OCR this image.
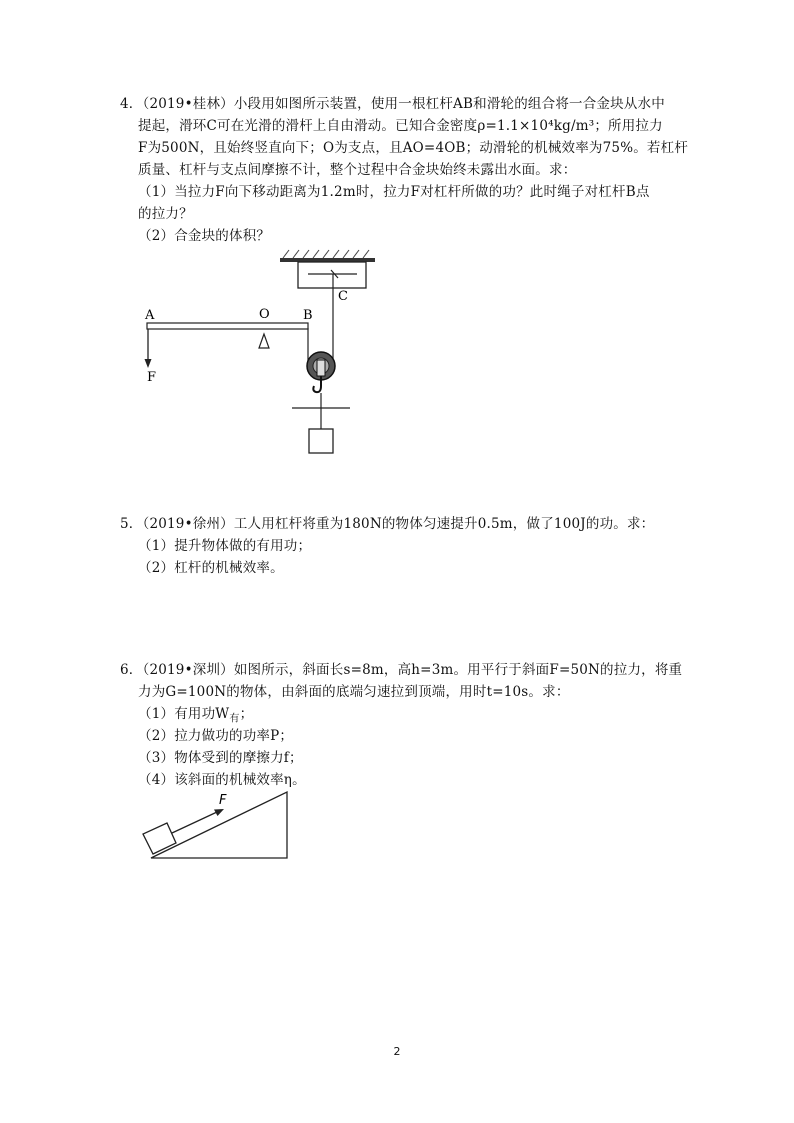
4．（2019•桂林）小段用如图所示装置，使用一根杠杆AB和滑轮的组合将一合金块从水中
提起，滑环C可在光滑的滑杆上自由滑动。已知合金密度ρ=1.1×10⁴kg/m³；所用拉力
F为500N，且始终竖直向下；O为支点，且AO=4OB；动滑轮的机械效率为75%。若杠杆
质量、杠杆与支点间摩擦不计，整个过程中合金块始终未露出水面。求：
（1）当拉力F向下移动距离为1.2m时，拉力F对杠杆所做的功？此时绳子对杠杆B点
的拉力？
（2）合金块的体积？
C
A	O	B
F
5．（2019•徐州）工人用杠杆将重为180N的物体匀速提升0.5m，做了100J的功。求：
（1）提升物体做的有用功；
（2）杠杆的机械效率。
6．（2019•深圳）如图所示，斜面长s=8m，高h=3m。用平行于斜面F=50N的拉力，将重
力为G=100N的物体，由斜面的底端匀速拉到顶端，用时t=10s。求：
（1）有用功$W_有$；
（2）拉力做功的功率P；
（3）物体受到的摩擦力f；
（4）该斜面的机械效率η。
F
2
